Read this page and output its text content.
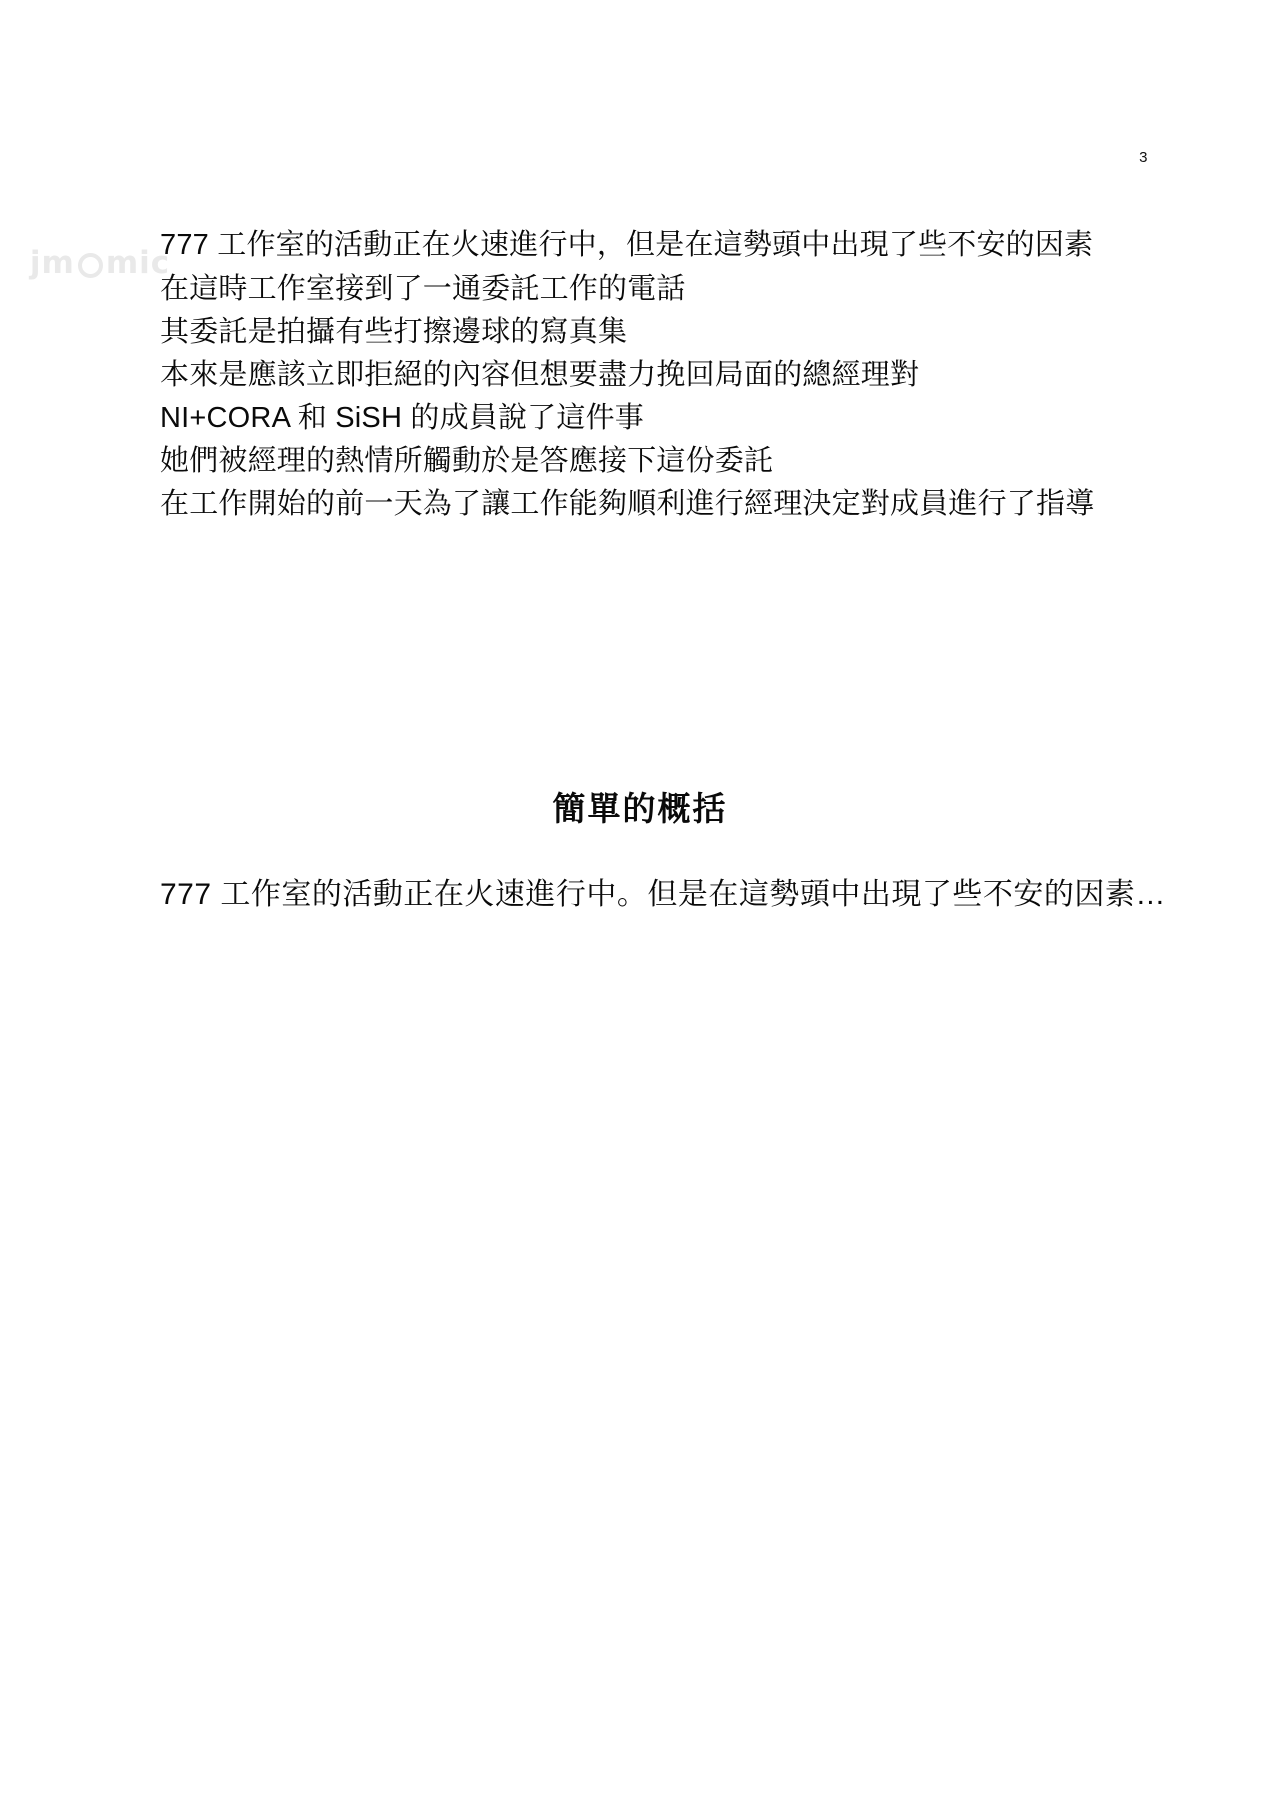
3
jm mic
777 工作室的活動正在火速進行中，但是在這勢頭中出現了些不安的因素
在這時工作室接到了一通委託工作的電話
其委託是拍攝有些打擦邊球的寫真集
本來是應該立即拒絕的內容但想要盡力挽回局面的總經理對
NI+CORA 和 SiSH 的成員說了這件事
她們被經理的熱情所觸動於是答應接下這份委託
在工作開始的前一天為了讓工作能夠順利進行經理決定對成員進行了指導
簡單的概括
777 工作室的活動正在火速進行中。但是在這勢頭中出現了些不安的因素…
